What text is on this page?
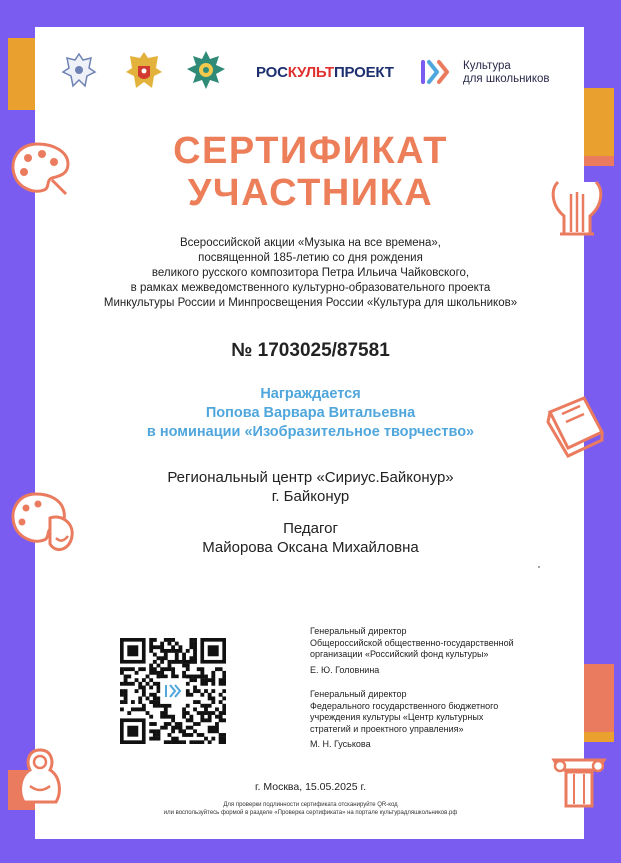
РОСКУЛЬТПРОЕКТ	Культура
для школьников
СЕРТИФИКАТ
УЧАСТНИКА
Всероссийской акции «Музыка на все времена»,
посвященной 185-летию со дня рождения
великого русского композитора Петра Ильича Чайковского,
в рамках межведомственного культурно-образовательного проекта
Минкультуры России и Минпросвещения России «Культура для школьников»
№ 1703025/87581
Награждается
Попова Варвара Витальевна
в номинации «Изобразительное творчество»
Региональный центр «Сириус.Байконур»
г. Байконур
Педагог
Майорова Оксана Михайловна
Генеральный директор
Общероссийской общественно-государственной
организации «Российский фонд культуры»
Е. Ю. Головнина
Генеральный директор
Федерального государственного бюджетного
учреждения культуры «Центр культурных
стратегий и проектного управления»
М. Н. Гуськова
г. Москва, 15.05.2025 г.
Для проверки подлинности сертификата отсканируйте QR-код
или воспользуйтесь формой в разделе «Проверка сертификата» на портале культурадляшкольников.рф
